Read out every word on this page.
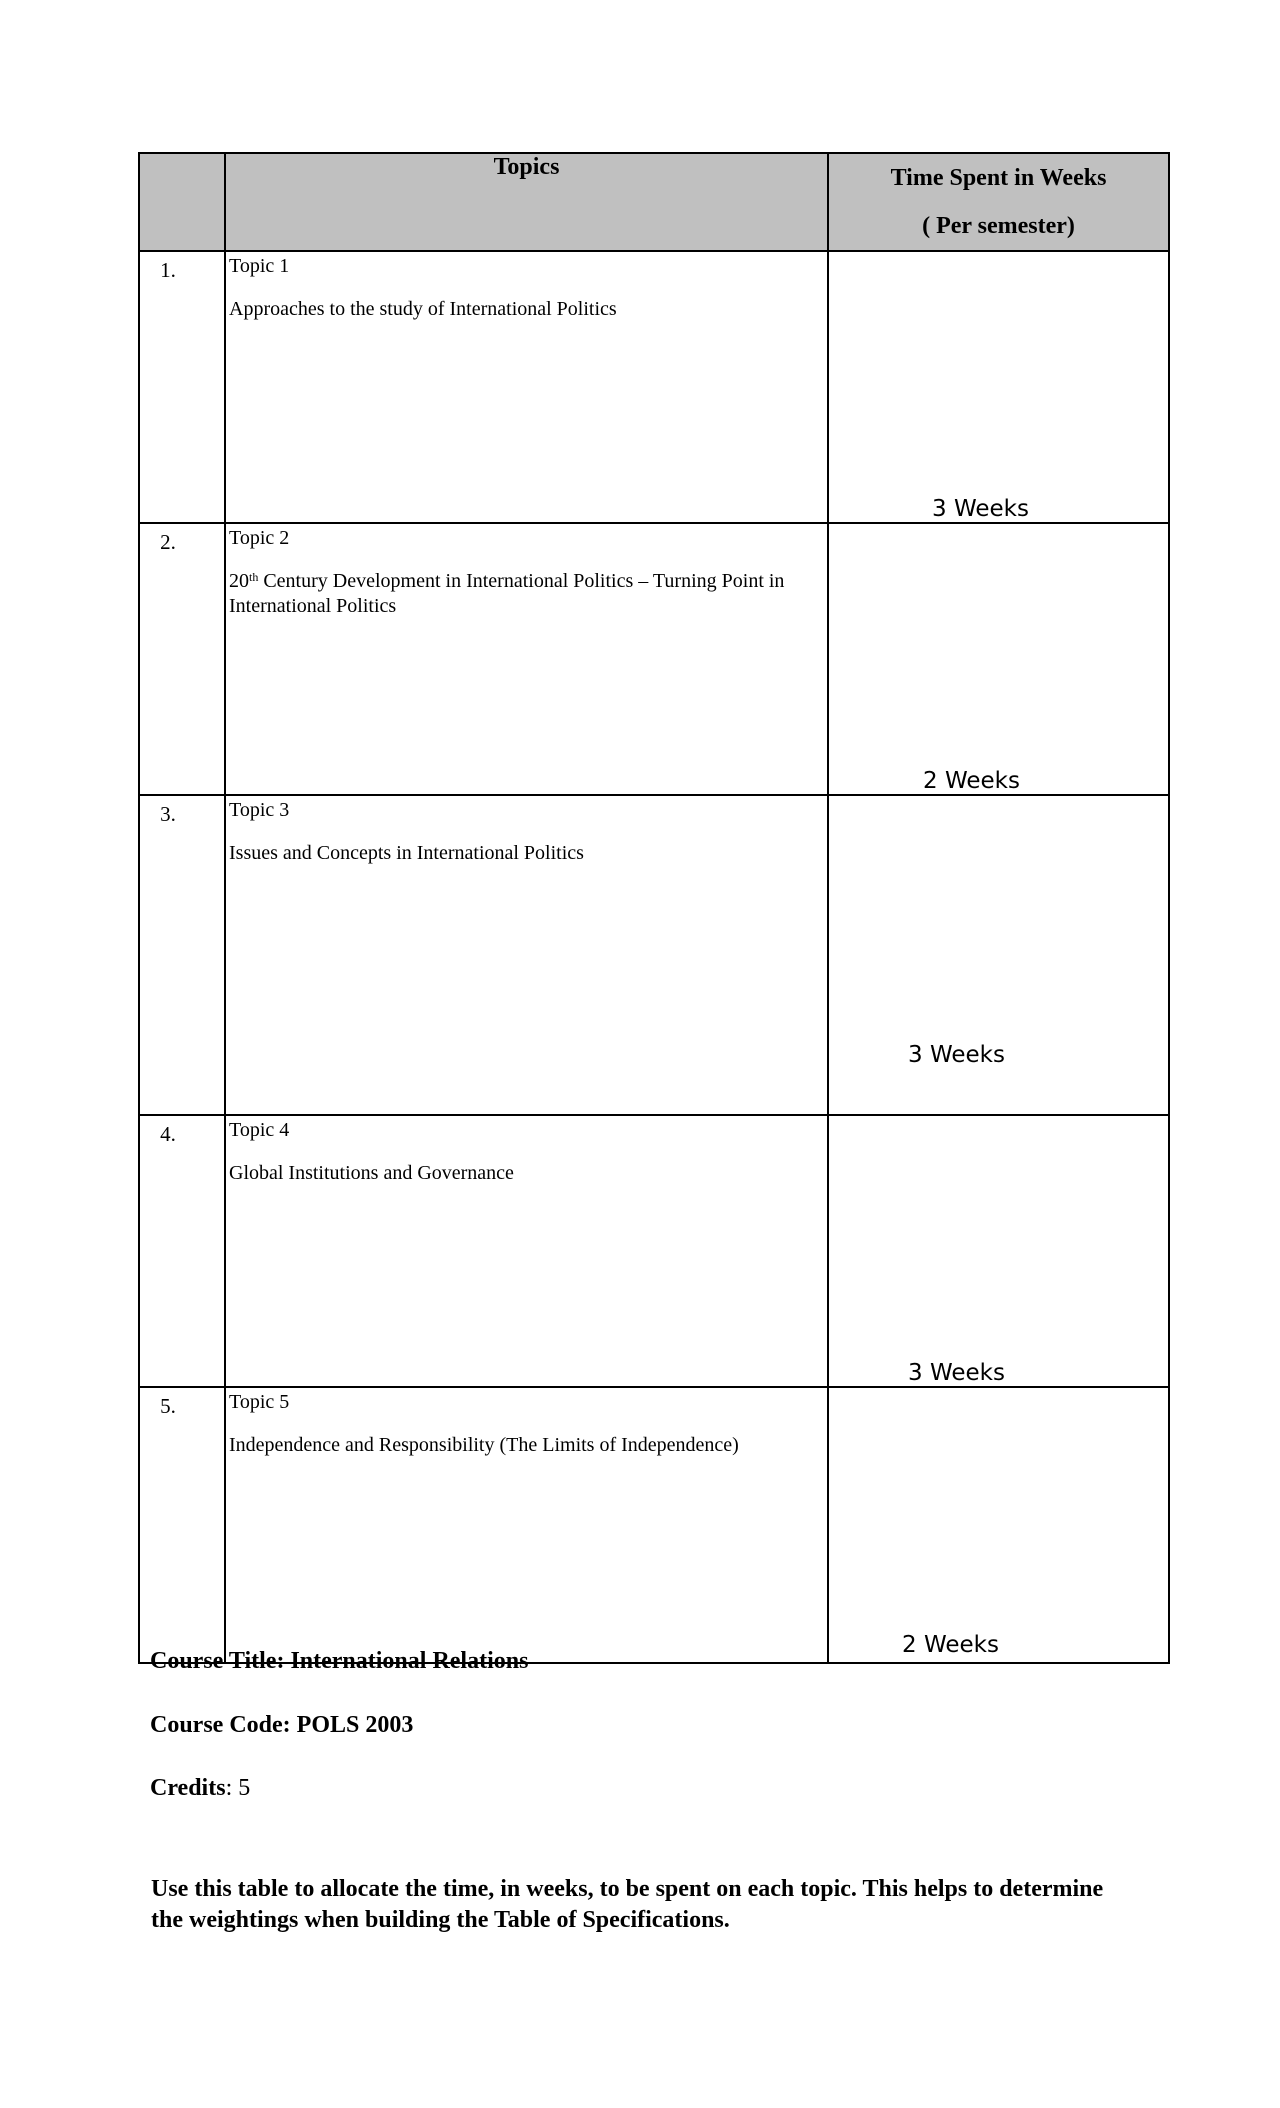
	Topics	Time Spent in Weeks
( Per semester)

1.	Topic 1
Approaches to the study of International Politics	3 Weeks

2.	Topic 2
20th Century Development in International Politics – Turning Point in International Politics	2 Weeks

3.	Topic 3
Issues and Concepts in International Politics	3 Weeks

4.	Topic 4
Global Institutions and Governance	3 Weeks

5.	Topic 5
Independence and Responsibility (The Limits of Independence)	2 Weeks
Course Title: International Relations
Course Code: POLS 2003
Credits: 5
Use this table to allocate the time, in weeks, to be spent on each topic. This helps to determine the weightings when building the Table of Specifications.
